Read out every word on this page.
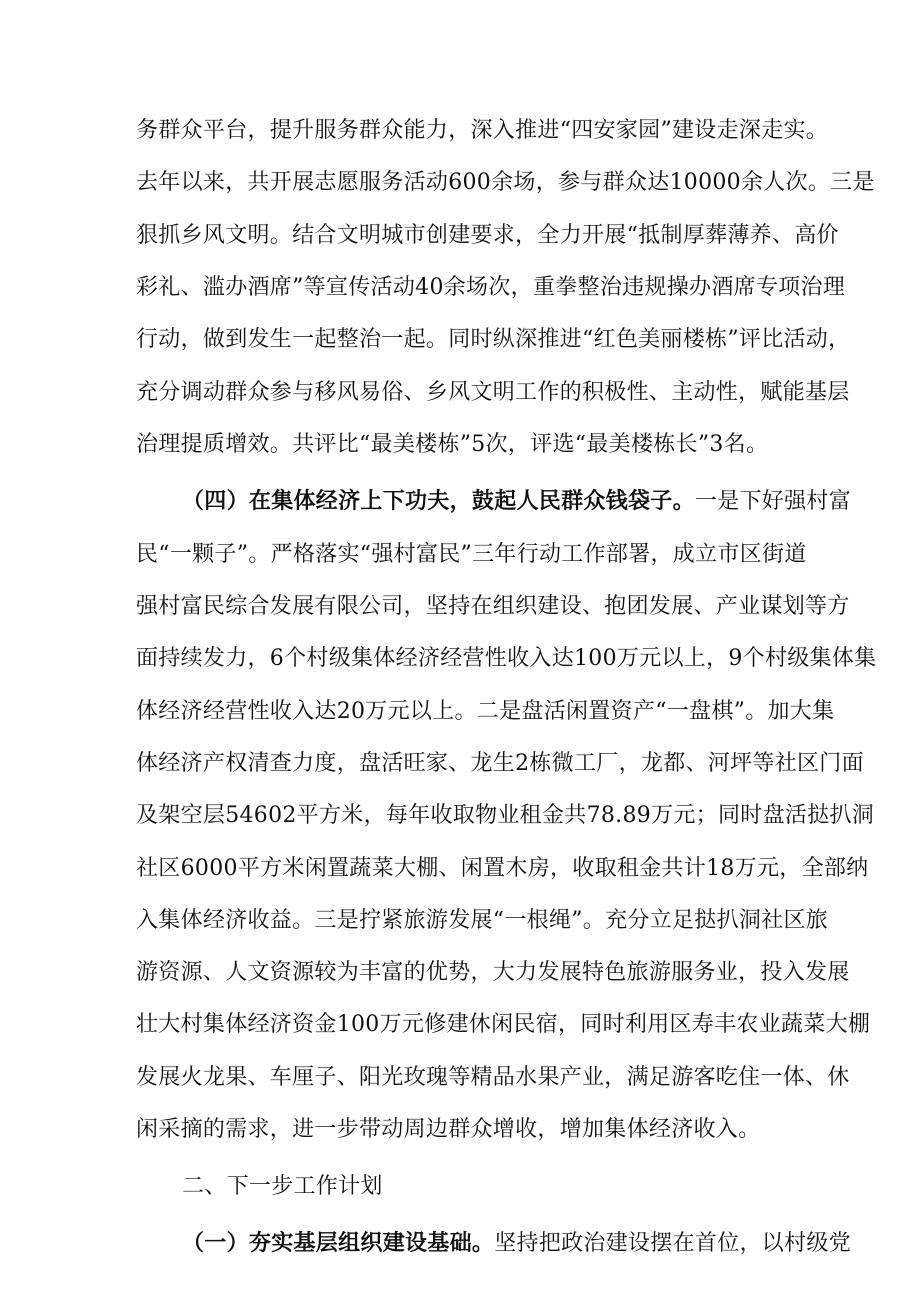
务群众平台，提升服务群众能力，深入推进“四安家园”建设走深走实。
去年以来，共开展志愿服务活动600余场，参与群众达10000余人次。三是
狠抓乡风文明。结合文明城市创建要求，全力开展“抵制厚葬薄养、高价
彩礼、滥办酒席”等宣传活动40余场次，重拳整治违规操办酒席专项治理
行动，做到发生一起整治一起。同时纵深推进“红色美丽楼栋”评比活动，
充分调动群众参与移风易俗、乡风文明工作的积极性、主动性，赋能基层
治理提质增效。共评比“最美楼栋”5次，评选“最美楼栋长”3名。
（四）在集体经济上下功夫，鼓起人民群众钱袋子。一是下好强村富
民“一颗子”。严格落实“强村富民”三年行动工作部署，成立市区街道
强村富民综合发展有限公司，坚持在组织建设、抱团发展、产业谋划等方
面持续发力，6个村级集体经济经营性收入达100万元以上，9个村级集体集
体经济经营性收入达20万元以上。二是盘活闲置资产“一盘棋”。加大集
体经济产权清查力度，盘活旺家、龙生2栋微工厂，龙都、河坪等社区门面
及架空层54602平方米，每年收取物业租金共78.89万元；同时盘活挞扒洞
社区6000平方米闲置蔬菜大棚、闲置木房，收取租金共计18万元，全部纳
入集体经济收益。三是拧紧旅游发展“一根绳”。充分立足挞扒洞社区旅
游资源、人文资源较为丰富的优势，大力发展特色旅游服务业，投入发展
壮大村集体经济资金100万元修建休闲民宿，同时利用区寿丰农业蔬菜大棚
发展火龙果、车厘子、阳光玫瑰等精品水果产业，满足游客吃住一体、休
闲采摘的需求，进一步带动周边群众增收，增加集体经济收入。
二、下一步工作计划
（一）夯实基层组织建设基础。坚持把政治建设摆在首位，以村级党
